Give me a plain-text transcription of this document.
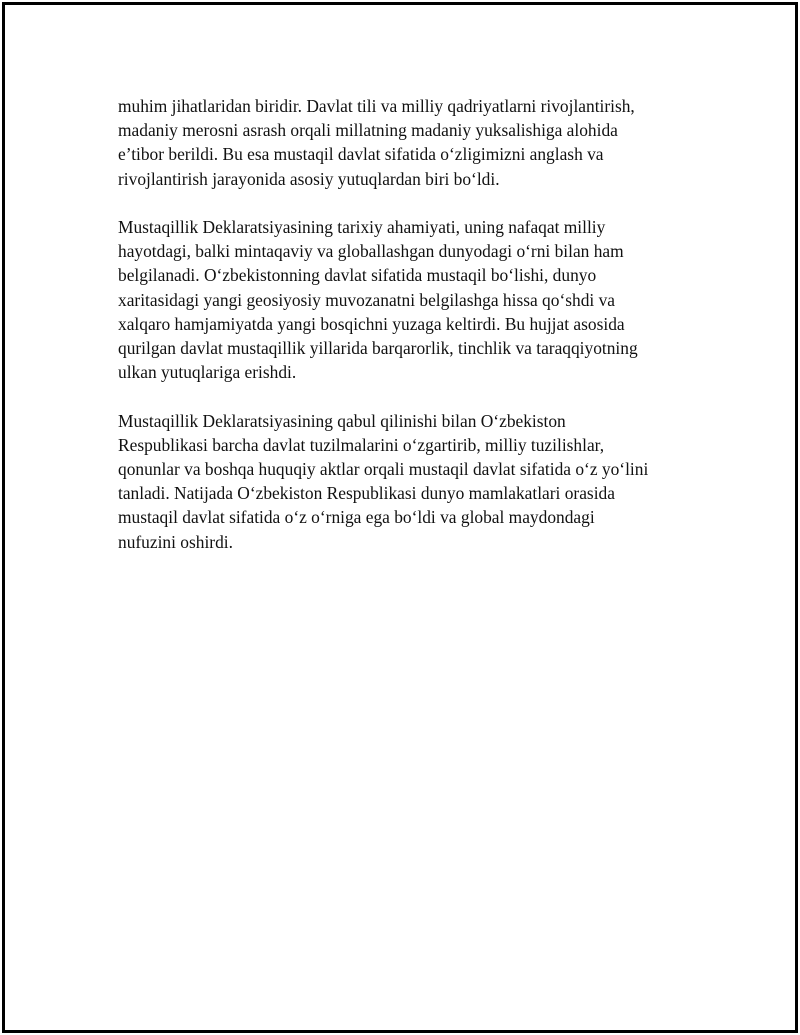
muhim jihatlaridan biridir. Davlat tili va milliy qadriyatlarni rivojlantirish,
madaniy merosni asrash orqali millatning madaniy yuksalishiga alohida
e’tibor berildi. Bu esa mustaqil davlat sifatida o‘zligimizni anglash va
rivojlantirish jarayonida asosiy yutuqlardan biri bo‘ldi.

Mustaqillik Deklaratsiyasining tarixiy ahamiyati, uning nafaqat milliy
hayotdagi, balki mintaqaviy va globallashgan dunyodagi o‘rni bilan ham
belgilanadi. O‘zbekistonning davlat sifatida mustaqil bo‘lishi, dunyo
xaritasidagi yangi geosiyosiy muvozanatni belgilashga hissa qo‘shdi va
xalqaro hamjamiyatda yangi bosqichni yuzaga keltirdi. Bu hujjat asosida
qurilgan davlat mustaqillik yillarida barqarorlik, tinchlik va taraqqiyotning
ulkan yutuqlariga erishdi.

Mustaqillik Deklaratsiyasining qabul qilinishi bilan O‘zbekiston
Respublikasi barcha davlat tuzilmalarini o‘zgartirib, milliy tuzilishlar,
qonunlar va boshqa huquqiy aktlar orqali mustaqil davlat sifatida o‘z yo‘lini
tanladi. Natijada O‘zbekiston Respublikasi dunyo mamlakatlari orasida
mustaqil davlat sifatida o‘z o‘rniga ega bo‘ldi va global maydondagi
nufuzini oshirdi.
